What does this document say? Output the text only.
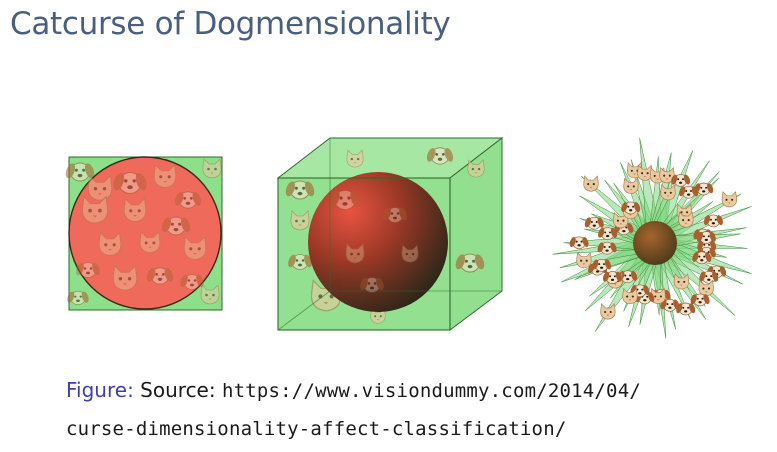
Catcurse of Dogmensionality
Figure: Source: https://www.visiondummy.com/2014/04/
curse-dimensionality-affect-classification/
